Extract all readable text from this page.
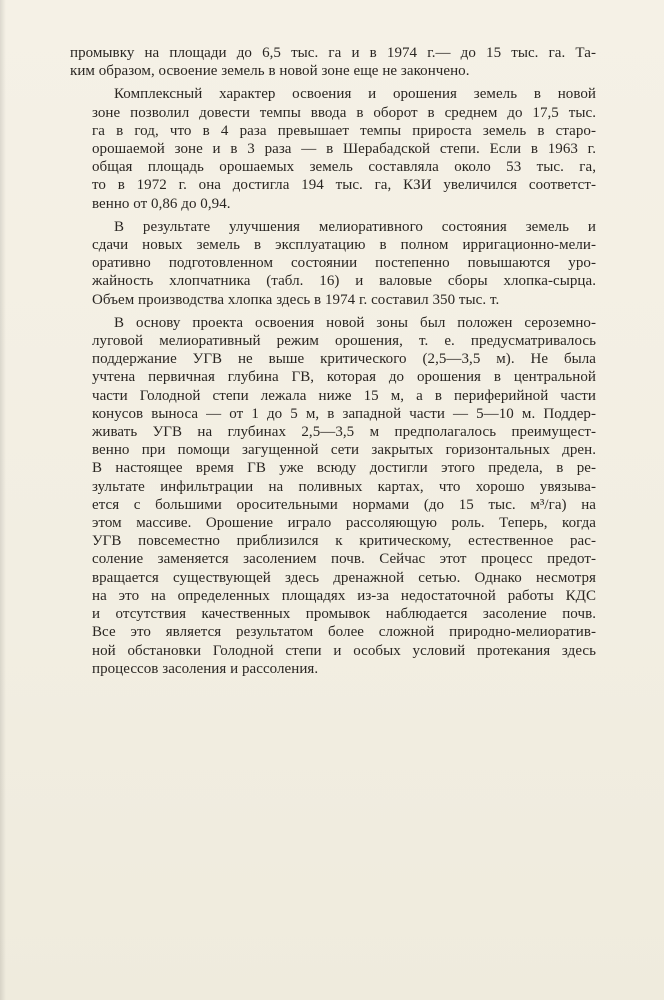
промывку на площади до 6,5 тыс. га и в 1974 г.— до 15 тыс. га. Та-
ким образом, освоение земель в новой зоне еще не закончено.

Комплексный характер освоения и орошения земель в новой
зоне позволил довести темпы ввода в оборот в среднем до 17,5 тыс.
га в год, что в 4 раза превышает темпы прироста земель в старо-
орошаемой зоне и в 3 раза — в Шерабадской степи. Если в 1963 г.
общая площадь орошаемых земель составляла около 53 тыс. га,
то в 1972 г. она достигла 194 тыс. га, КЗИ увеличился соответст-
венно от 0,86 до 0,94.

В результате улучшения мелиоративного состояния земель и
сдачи новых земель в эксплуатацию в полном ирригационно-мели-
оративно подготовленном состоянии постепенно повышаются уро-
жайность хлопчатника (табл. 16) и валовые сборы хлопка-сырца.
Объем производства хлопка здесь в 1974 г. составил 350 тыс. т.

В основу проекта освоения новой зоны был положен сероземно-
луговой мелиоративный режим орошения, т. е. предусматривалось
поддержание УГВ не выше критического (2,5—3,5 м). Не была
учтена первичная глубина ГВ, которая до орошения в центральной
части Голодной степи лежала ниже 15 м, а в периферийной части
конусов выноса — от 1 до 5 м, в западной части — 5—10 м. Поддер-
живать УГВ на глубинах 2,5—3,5 м предполагалось преимущест-
венно при помощи загущенной сети закрытых горизонтальных дрен.
В настоящее время ГВ уже всюду достигли этого предела, в ре-
зультате инфильтрации на поливных картах, что хорошо увязыва-
ется с большими оросительными нормами (до 15 тыс. м³/га) на
этом массиве. Орошение играло рассоляющую роль. Теперь, когда
УГВ повсеместно приблизился к критическому, естественное рас-
соление заменяется засолением почв. Сейчас этот процесс предот-
вращается существующей здесь дренажной сетью. Однако несмотря
на это на определенных площадях из-за недостаточной работы КДС
и отсутствия качественных промывок наблюдается засоление почв.
Все это является результатом более сложной природно-мелиоратив-
ной обстановки Голодной степи и особых условий протекания здесь
процессов засоления и рассоления.
